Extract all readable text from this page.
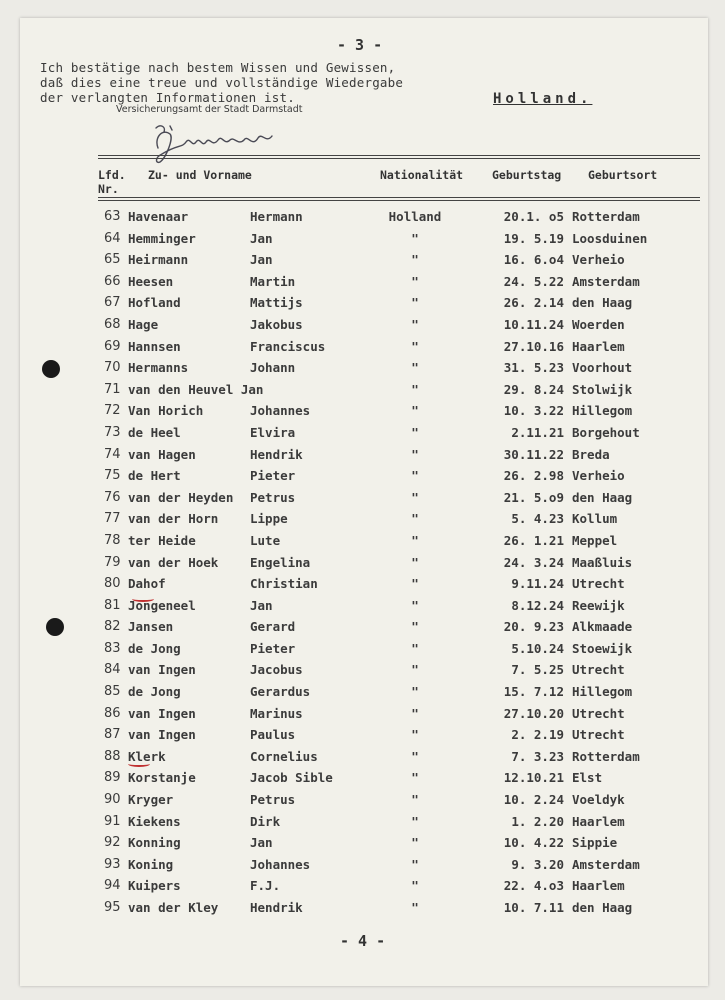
- 3 -
Ich bestätige nach bestem Wissen und Gewissen,
daß dies eine treue und vollständige Wiedergabe
der verlangten Informationen ist.
Versicherungsamt der Stadt Darmstadt
Holland.
Lfd.
Nr.
Zu- und Vorname	Nationalität	Geburtstag Geburtsort
63 Havenaar	Hermann	Holland	20.1. o5 Rotterdam
64 Hemminger	Jan	"	19. 5.19 Loosduinen
65 Heirmann	Jan	"	16. 6.o4 Verheio
66 Heesen	Martin	"	24. 5.22 Amsterdam
67 Hofland	Mattijs	"	26. 2.14 den Haag
68 Hage	Jakobus	"	10.11.24 Woerden
69 Hannsen	Franciscus	"	27.10.16 Haarlem
70 Hermanns	Johann	"	31. 5.23 Voorhout
71 van den Heuvel Jan	"	29. 8.24 Stolwijk
72 Van Horich	Johannes	"	10. 3.22 Hillegom
73 de Heel	Elvira	"	2.11.21 Borgehout
74 van Hagen	Hendrik	"	30.11.22 Breda
75 de Hert	Pieter	"	26. 2.98 Verheio
76 van der Heyden Petrus	"	21. 5.o9 den Haag
77 van der Horn	Lippe	"	5. 4.23 Kollum
78 ter Heide	Lute	"	26. 1.21 Meppel
79 van der Hoek	Engelina	"	24. 3.24 Maaßluis
80 Dahof	Christian	"	9.11.24 Utrecht
81 Jongeneel	Jan	"	8.12.24 Reewijk
82 Jansen	Gerard	"	20. 9.23 Alkmaade
83 de Jong	Pieter	"	5.10.24 Stoewijk
84 van Ingen	Jacobus	"	7. 5.25 Utrecht
85 de Jong	Gerardus	"	15. 7.12 Hillegom
86 van Ingen	Marinus	"	27.10.20 Utrecht
87 van Ingen	Paulus	"	2. 2.19 Utrecht
88 Klerk	Cornelius	"	7. 3.23 Rotterdam
89 Korstanje	Jacob Sible	"	12.10.21 Elst
90 Kryger	Petrus	"	10. 2.24 Voeldyk
91 Kiekens	Dirk	"	1. 2.20 Haarlem
92 Konning	Jan	"	10. 4.22 Sippie
93 Koning	Johannes	"	9. 3.20 Amsterdam
94 Kuipers	F.J.	"	22. 4.o3 Haarlem
95 van der Kley	Hendrik	"	10. 7.11 den Haag
- 4 -
